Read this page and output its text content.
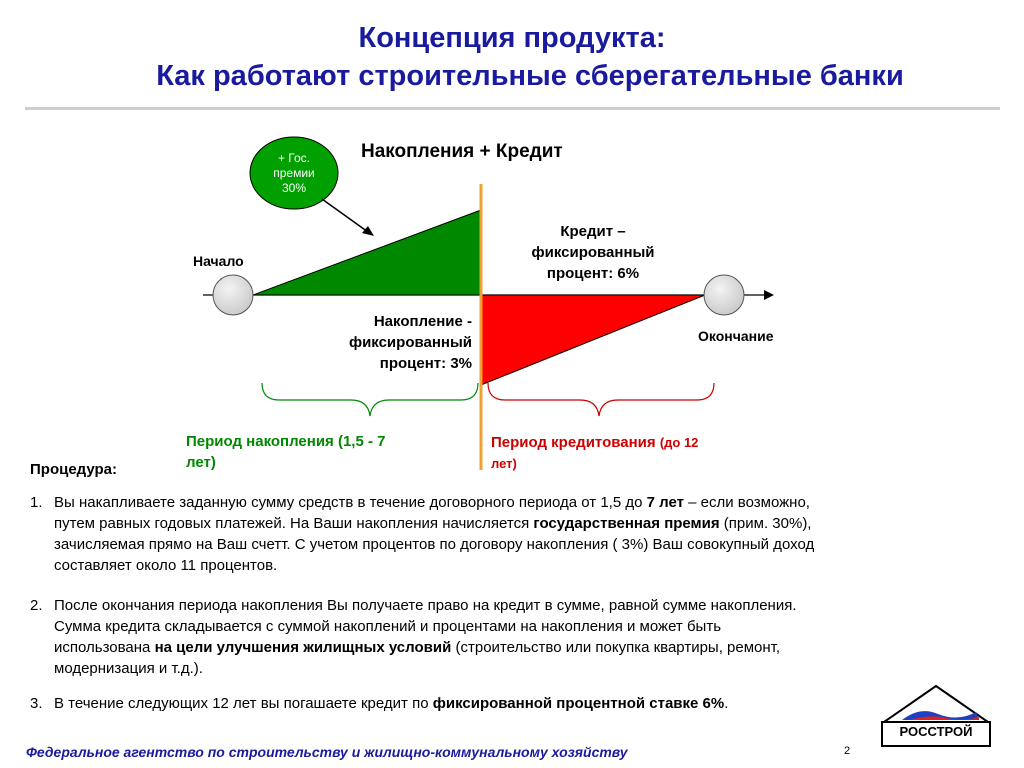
Концепция продукта:
Как работают строительные сберегательные банки
+ Гос.
премии
30%
Накопления + Кредит
Начало
Окончание
Кредит –
фиксированный
процент: 6%
Накопление -
фиксированный
процент: 3%
Период накопления (1,5 - 7
лет)
Период кредитования (до 12
лет)
Процедура:
1. Вы накапливаете заданную сумму средств в течение договорного периода от 1,5 до 7 лет – если возможно,
путем равных годовых платежей. На Ваши накопления начисляется государственная премия (прим. 30%),
зачисляемая прямо на Ваш счетт. С учетом процентов по договору накопления ( 3%) Ваш совокупный доход
составляет около 11 процентов.
2. После окончания периода накопления Вы получаете право на кредит в сумме, равной сумме накопления.
Сумма кредита складывается с суммой накоплений и процентами на накопления и может быть
использована на цели улучшения жилищных условий (строительство или покупка квартиры, ремонт,
модернизация и т.д.).
3. В течение следующих 12 лет вы погашаете кредит по фиксированной процентной ставке 6%.
Федеральное агентство по строительству и жилищно-коммунальному хозяйству	2
РОССТРОЙ
